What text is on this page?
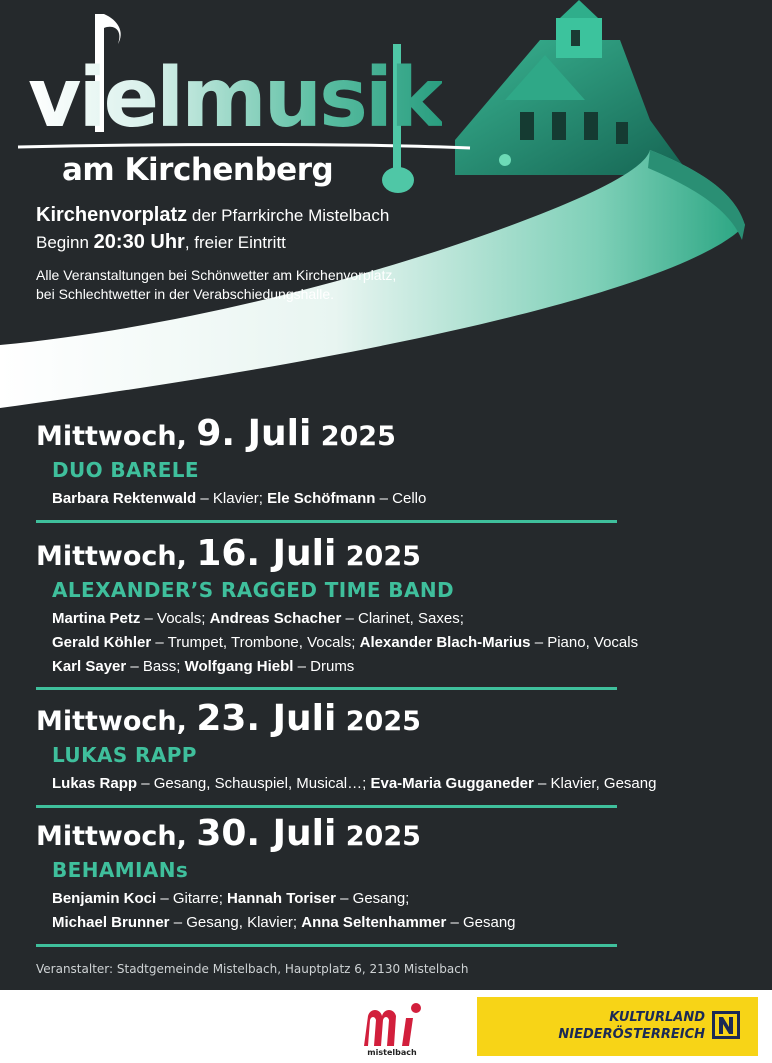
vielmusik
am Kirchenberg
Kirchenvorplatz der Pfarrkirche Mistelbach
Beginn 20:30 Uhr, freier Eintritt
Alle Veranstaltungen bei Schönwetter am Kirchenvorplatz,
bei Schlechtwetter in der Verabschiedungshalle.
Mittwoch, 9. Juli 2025
DUO BARELE
Barbara Rektenwald – Klavier; Ele Schöfmann – Cello
Mittwoch, 16. Juli 2025
ALEXANDER’S RAGGED TIME BAND
Martina Petz – Vocals; Andreas Schacher – Clarinet, Saxes;
Gerald Köhler – Trumpet, Trombone, Vocals; Alexander Blach-Marius – Piano, Vocals
Karl Sayer – Bass; Wolfgang Hiebl – Drums
Mittwoch, 23. Juli 2025
LUKAS RAPP
Lukas Rapp – Gesang, Schauspiel, Musical…; Eva-Maria Gugganeder – Klavier, Gesang
Mittwoch, 30. Juli 2025
BEHAMIANs
Benjamin Koci – Gitarre; Hannah Toriser – Gesang;
Michael Brunner – Gesang, Klavier; Anna Seltenhammer – Gesang
Veranstalter: Stadtgemeinde Mistelbach, Hauptplatz 6, 2130 Mistelbach
mistelbach
KULTURLAND
NIEDERÖSTERREICH
